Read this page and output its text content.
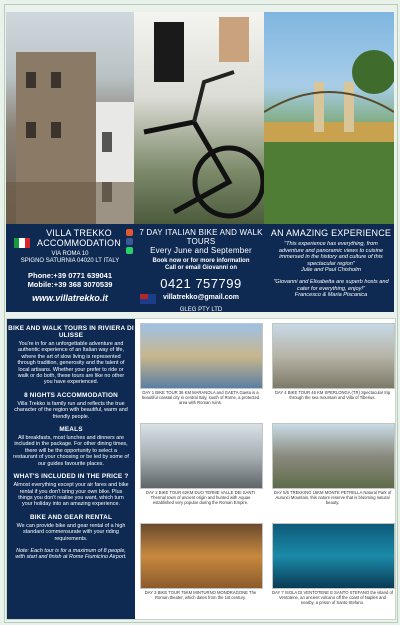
VILLA TREKKO
ACCOMMODATION
VIA ROMA 10
SPIGNO SATURNIA 04020 LT ITALY
Phone:+39 0771 639041
Mobile:+39 368 3070539
www.villatrekko.it
7 DAY ITALIAN BIKE AND WALK TOURS
Every June and September
Book now or for more information
Call or email Giovanni on
0421 757799
villatrekko@gmail.com
GLEG PTY LTD
AN AMAZING EXPERIENCE
"This experience has everything, from adventure and panoramic views to cuisine immersed in the history and culture of this spectacular region"
Julie and Paul Chisholm
"Giovanni and Elisabetta are superb hosts and cater for everything, enjoy!"
Francesco & Maria Piscanica
BIKE AND WALK TOURS IN RIVIERA DI ULISSE
You're in for an unforgettable adventure and authentic experience of an Italian way of life, where the art of slow living is represented through tradition, generosity and the talent of local artisans. Whether your prefer to ride or walk or do both, these tours are like no other you have experienced.
8 NIGHTS ACCOMMODATION
Villa Trekko is family run and reflects the true character of the region with beautiful, warm and friendly people.
MEALS
All breakfasts, most lunches and dinners are included in the package. For other dining times, there will be the opportunity to select a restaurant of your choosing or be led by some of our guides favourite places.
WHAT'S INCLUDED IN THE PRICE ?
Almost everything except your air fares and bike rental if you don't bring your own bike. Plus things you don't realise you want, which turn your holiday into an amazing experience.
BIKE AND GEAR RENTAL
We can provide bike and gear rental of a high standard commensurate with your riding requirements.
Note: Each tour is for a maximum of 8 people, with start and finish at Rome Fiumicino Airport.
DAY 1 BIKE TOUR 36 KM MARANOLA and GAETA Gaeta is a beautiful coastal city in central Italy, south of Rome, a protected area with Roman ruins.
DAY 4 BIKE TOUR 46 KM SPERLONGA (TR) Spectacular trip through the sea mountain and Villa of Tiberius.
DAY 2 BIKE TOUR 62KM DUO TERME VALLE DEI SANTI Thermal town of ancient origin and hunted with Aquae established very popular during the Roman Empire.
DAY 5/6 TREKKING 16KM MONTE PETRELLA Natural Park of Aurunci Mountain, this nature reserve that is blooming natural beauty.
DAY 3 BIKE TOUR 75KM MINTURNO MONDRAGONE The Roman theater, which dates from the 1st century.
DAY 7 ISOLA DI VENTOTENE E SANTO STEFANO the island of Ventotene, an ancient volcano off the coast of Naples and nearby, a prison of Santo Stefano.
